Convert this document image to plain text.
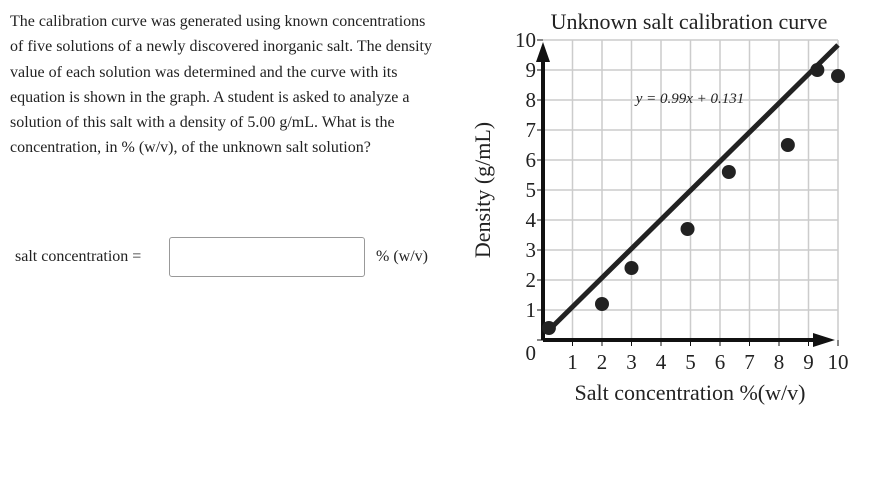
The calibration curve was generated using known concentrations of five solutions of a newly discovered inorganic salt. The density value of each solution was determined and the curve with its equation is shown in the graph. A student is asked to analyze a solution of this salt with a density of 5.00 g/mL. What is the concentration, in % (w/v), of the unknown salt solution?
salt concentration =	% (w/v)
0
1
2
3
4
5
6
7
8
9
10
1 2 3 4 5 6 7 8 9 10
Unknown salt calibration curve
Salt concentration %(w/v)
Density (g/mL)
y = 0.99x + 0.131
